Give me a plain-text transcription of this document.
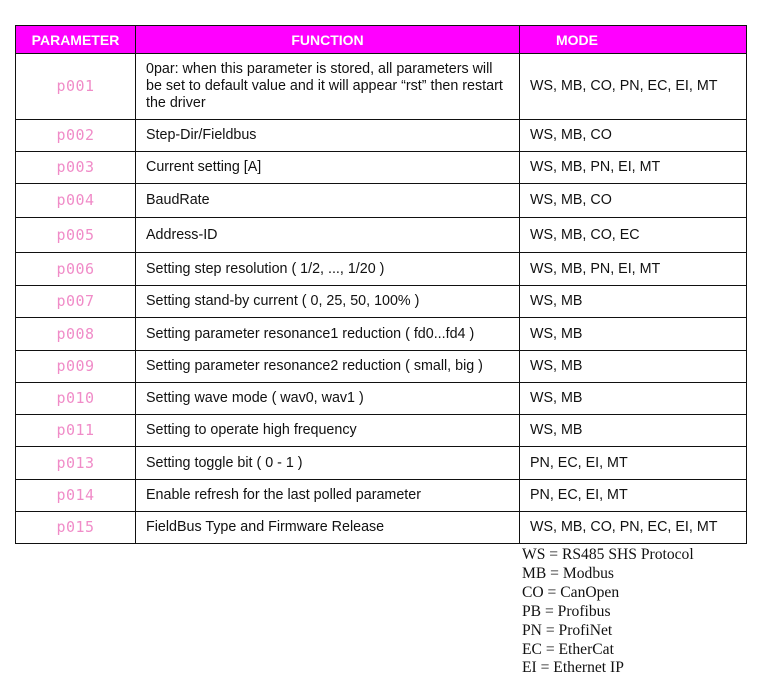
PARAMETER	FUNCTION	MODE
p001	0par: when this parameter is stored, all parameters will be set to default value and it will appear “rst” then restart the driver	WS, MB, CO, PN, EC, EI, MT
p002	Step-Dir/Fieldbus	WS, MB, CO
p003	Current setting [A]	WS, MB, PN, EI, MT
p004	BaudRate	WS, MB, CO
p005	Address-ID	WS, MB, CO, EC
p006	Setting step resolution ( 1/2, ..., 1/20 )	WS, MB, PN, EI, MT
p007	Setting stand-by current ( 0, 25, 50, 100% )	WS, MB
p008	Setting parameter resonance1 reduction ( fd0...fd4 )	WS, MB
p009	Setting parameter resonance2 reduction ( small, big )	WS, MB
p010	Setting wave mode ( wav0, wav1 )	WS, MB
p011	Setting to operate high frequency	WS, MB
p013	Setting toggle bit ( 0 - 1 )	PN, EC, EI, MT
p014	Enable refresh for the last polled parameter	PN, EC, EI, MT
p015	FieldBus Type and Firmware Release	WS, MB, CO, PN, EC, EI, MT
WS = RS485 SHS Protocol
MB = Modbus
CO = CanOpen
PB = Profibus
PN = ProfiNet
EC = EtherCat
EI = Ethernet IP
